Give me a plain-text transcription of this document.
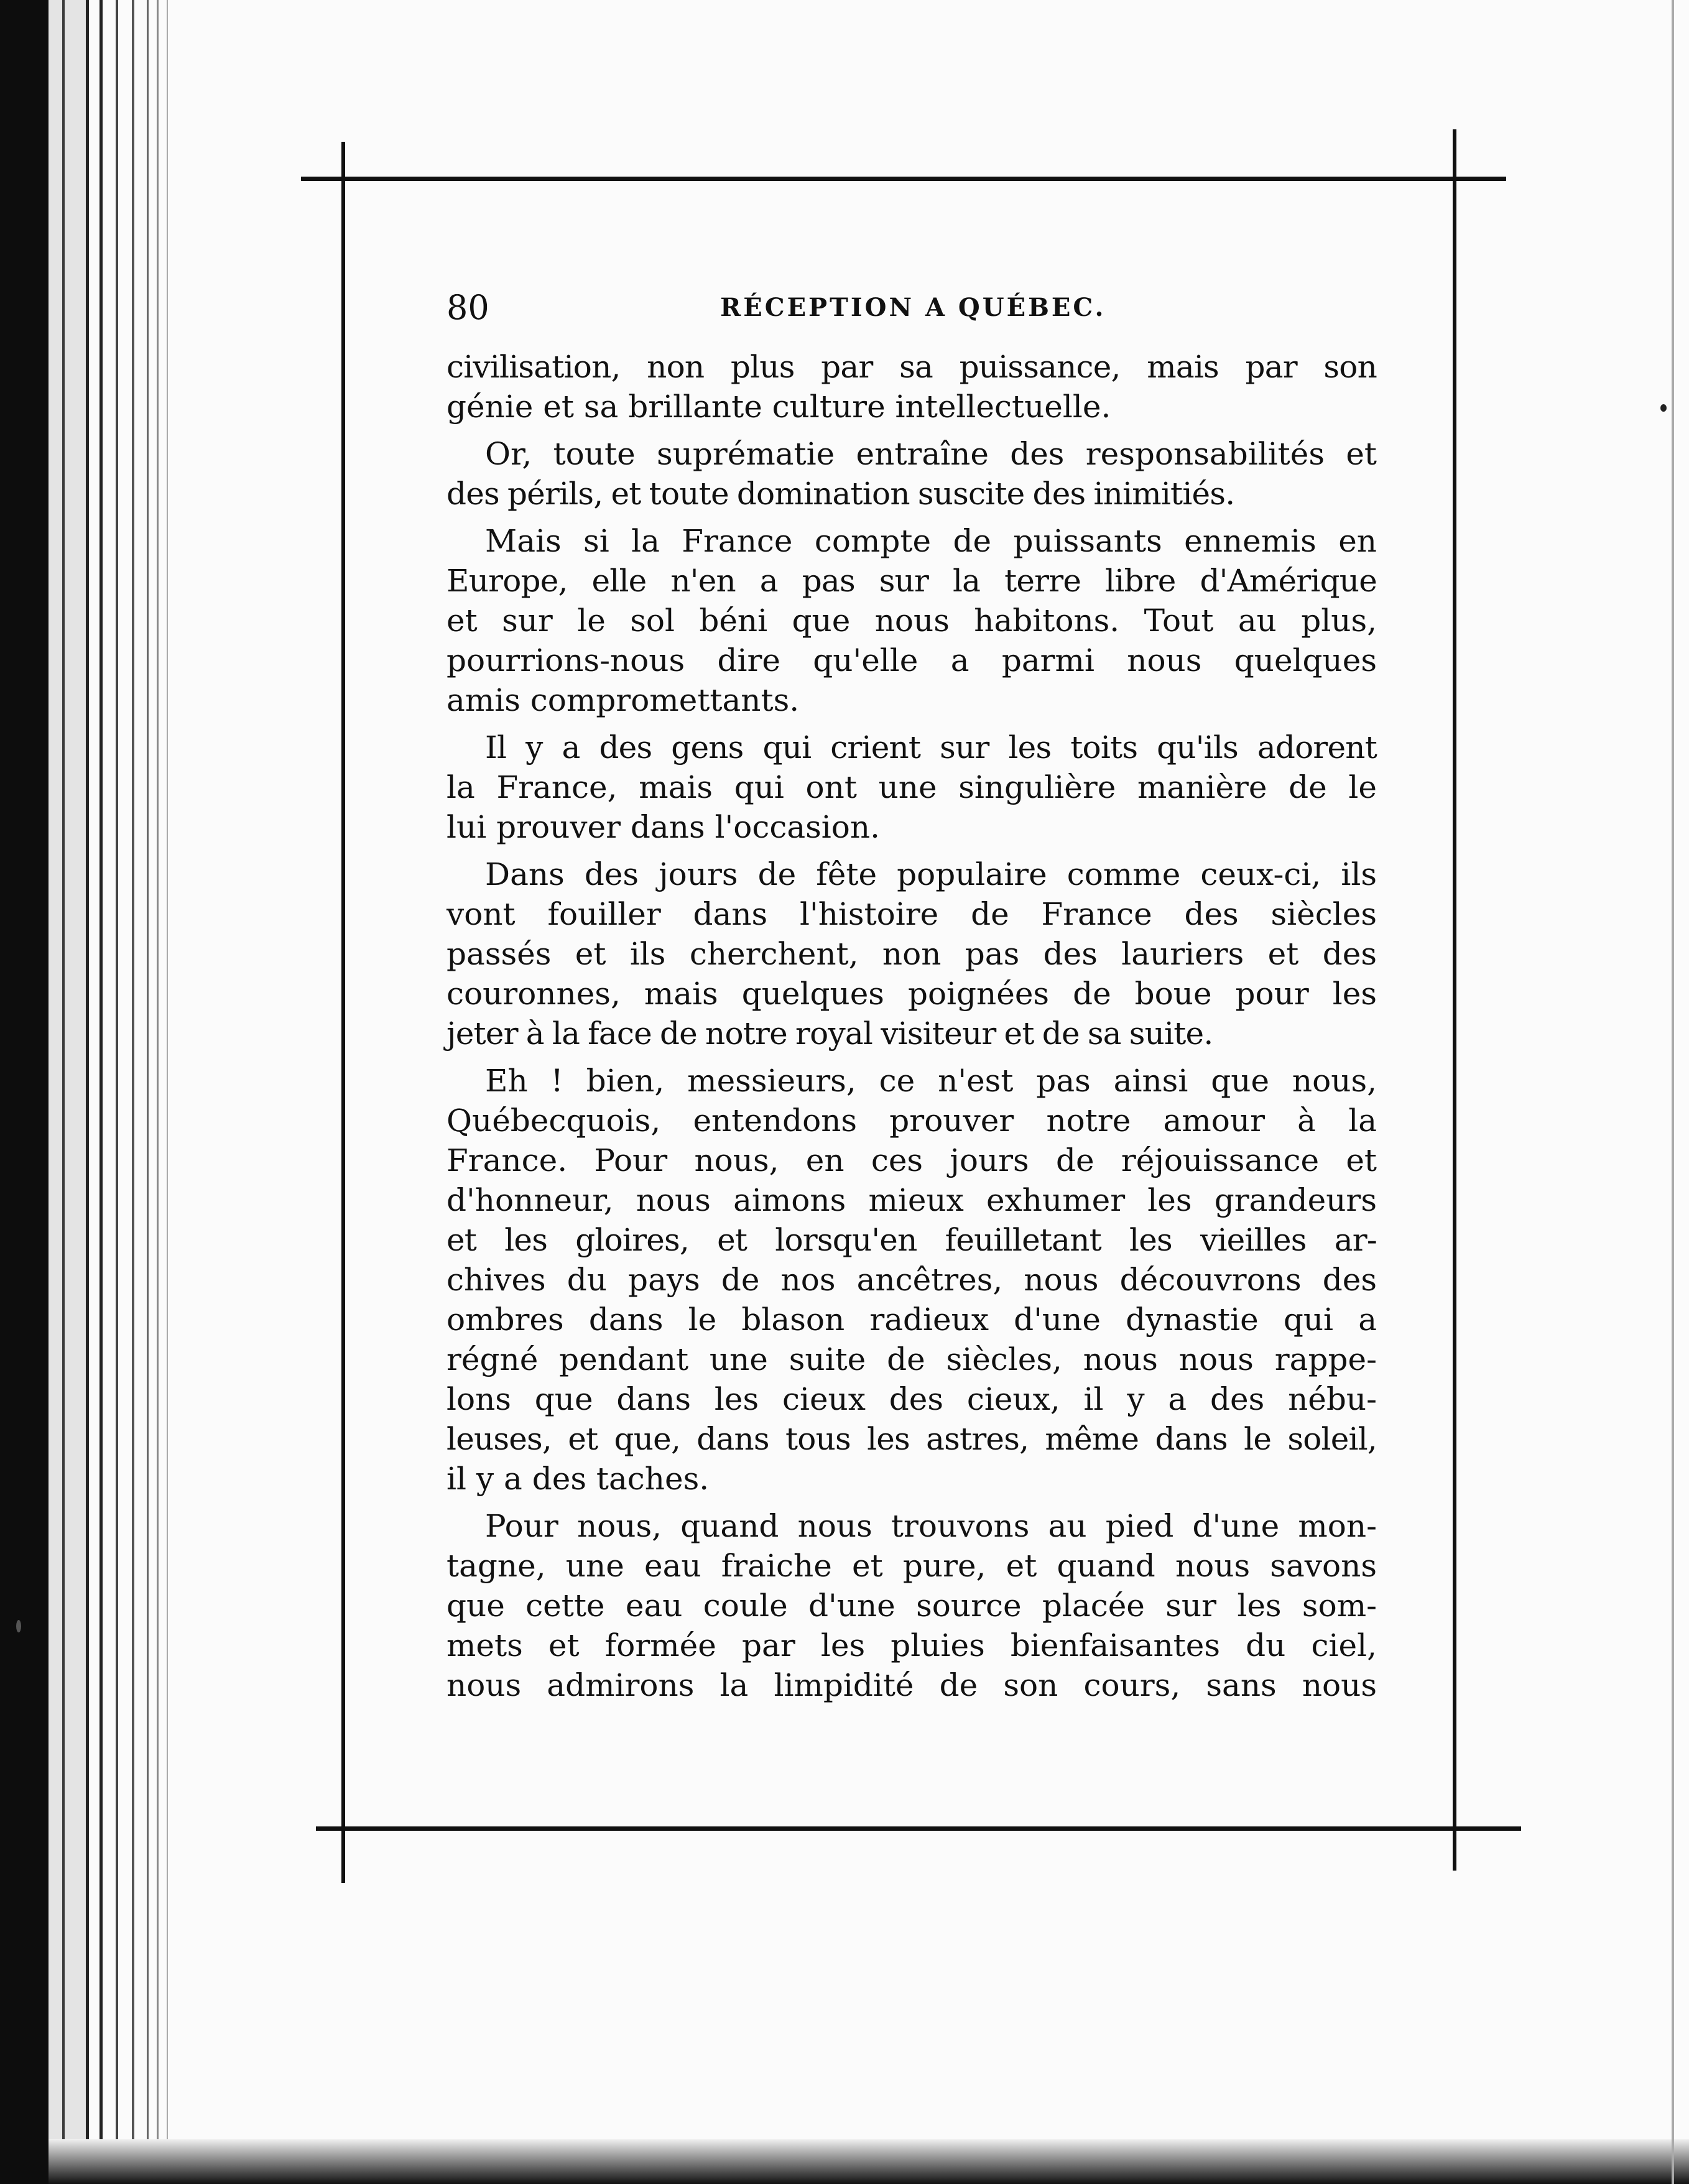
80	RÉCEPTION A QUÉBEC.

civilisation, non plus par sa puissance, mais par son
génie et sa brillante culture intellectuelle.

Or, toute suprématie entraîne des responsabilités et
des périls, et toute domination suscite des inimitiés.

Mais si la France compte de puissants ennemis en
Europe, elle n'en a pas sur la terre libre d'Amérique
et sur le sol béni que nous habitons. Tout au plus,
pourrions-nous dire qu'elle a parmi nous quelques
amis compromettants.

Il y a des gens qui crient sur les toits qu'ils adorent
la France, mais qui ont une singulière manière de le
lui prouver dans l'occasion.

Dans des jours de fête populaire comme ceux-ci, ils
vont fouiller dans l'histoire de France des siècles
passés et ils cherchent, non pas des lauriers et des
couronnes, mais quelques poignées de boue pour les
jeter à la face de notre royal visiteur et de sa suite.

Eh ! bien, messieurs, ce n'est pas ainsi que nous,
Québecquois, entendons prouver notre amour à la
France. Pour nous, en ces jours de réjouissance et
d'honneur, nous aimons mieux exhumer les grandeurs
et les gloires, et lorsqu'en feuilletant les vieilles ar-
chives du pays de nos ancêtres, nous découvrons des
ombres dans le blason radieux d'une dynastie qui a
régné pendant une suite de siècles, nous nous rappe-
lons que dans les cieux des cieux, il y a des nébu-
leuses, et que, dans tous les astres, même dans le soleil,
il y a des taches.

Pour nous, quand nous trouvons au pied d'une mon-
tagne, une eau fraiche et pure, et quand nous savons
que cette eau coule d'une source placée sur les som-
mets et formée par les pluies bienfaisantes du ciel,
nous admirons la limpidité de son cours, sans nous
